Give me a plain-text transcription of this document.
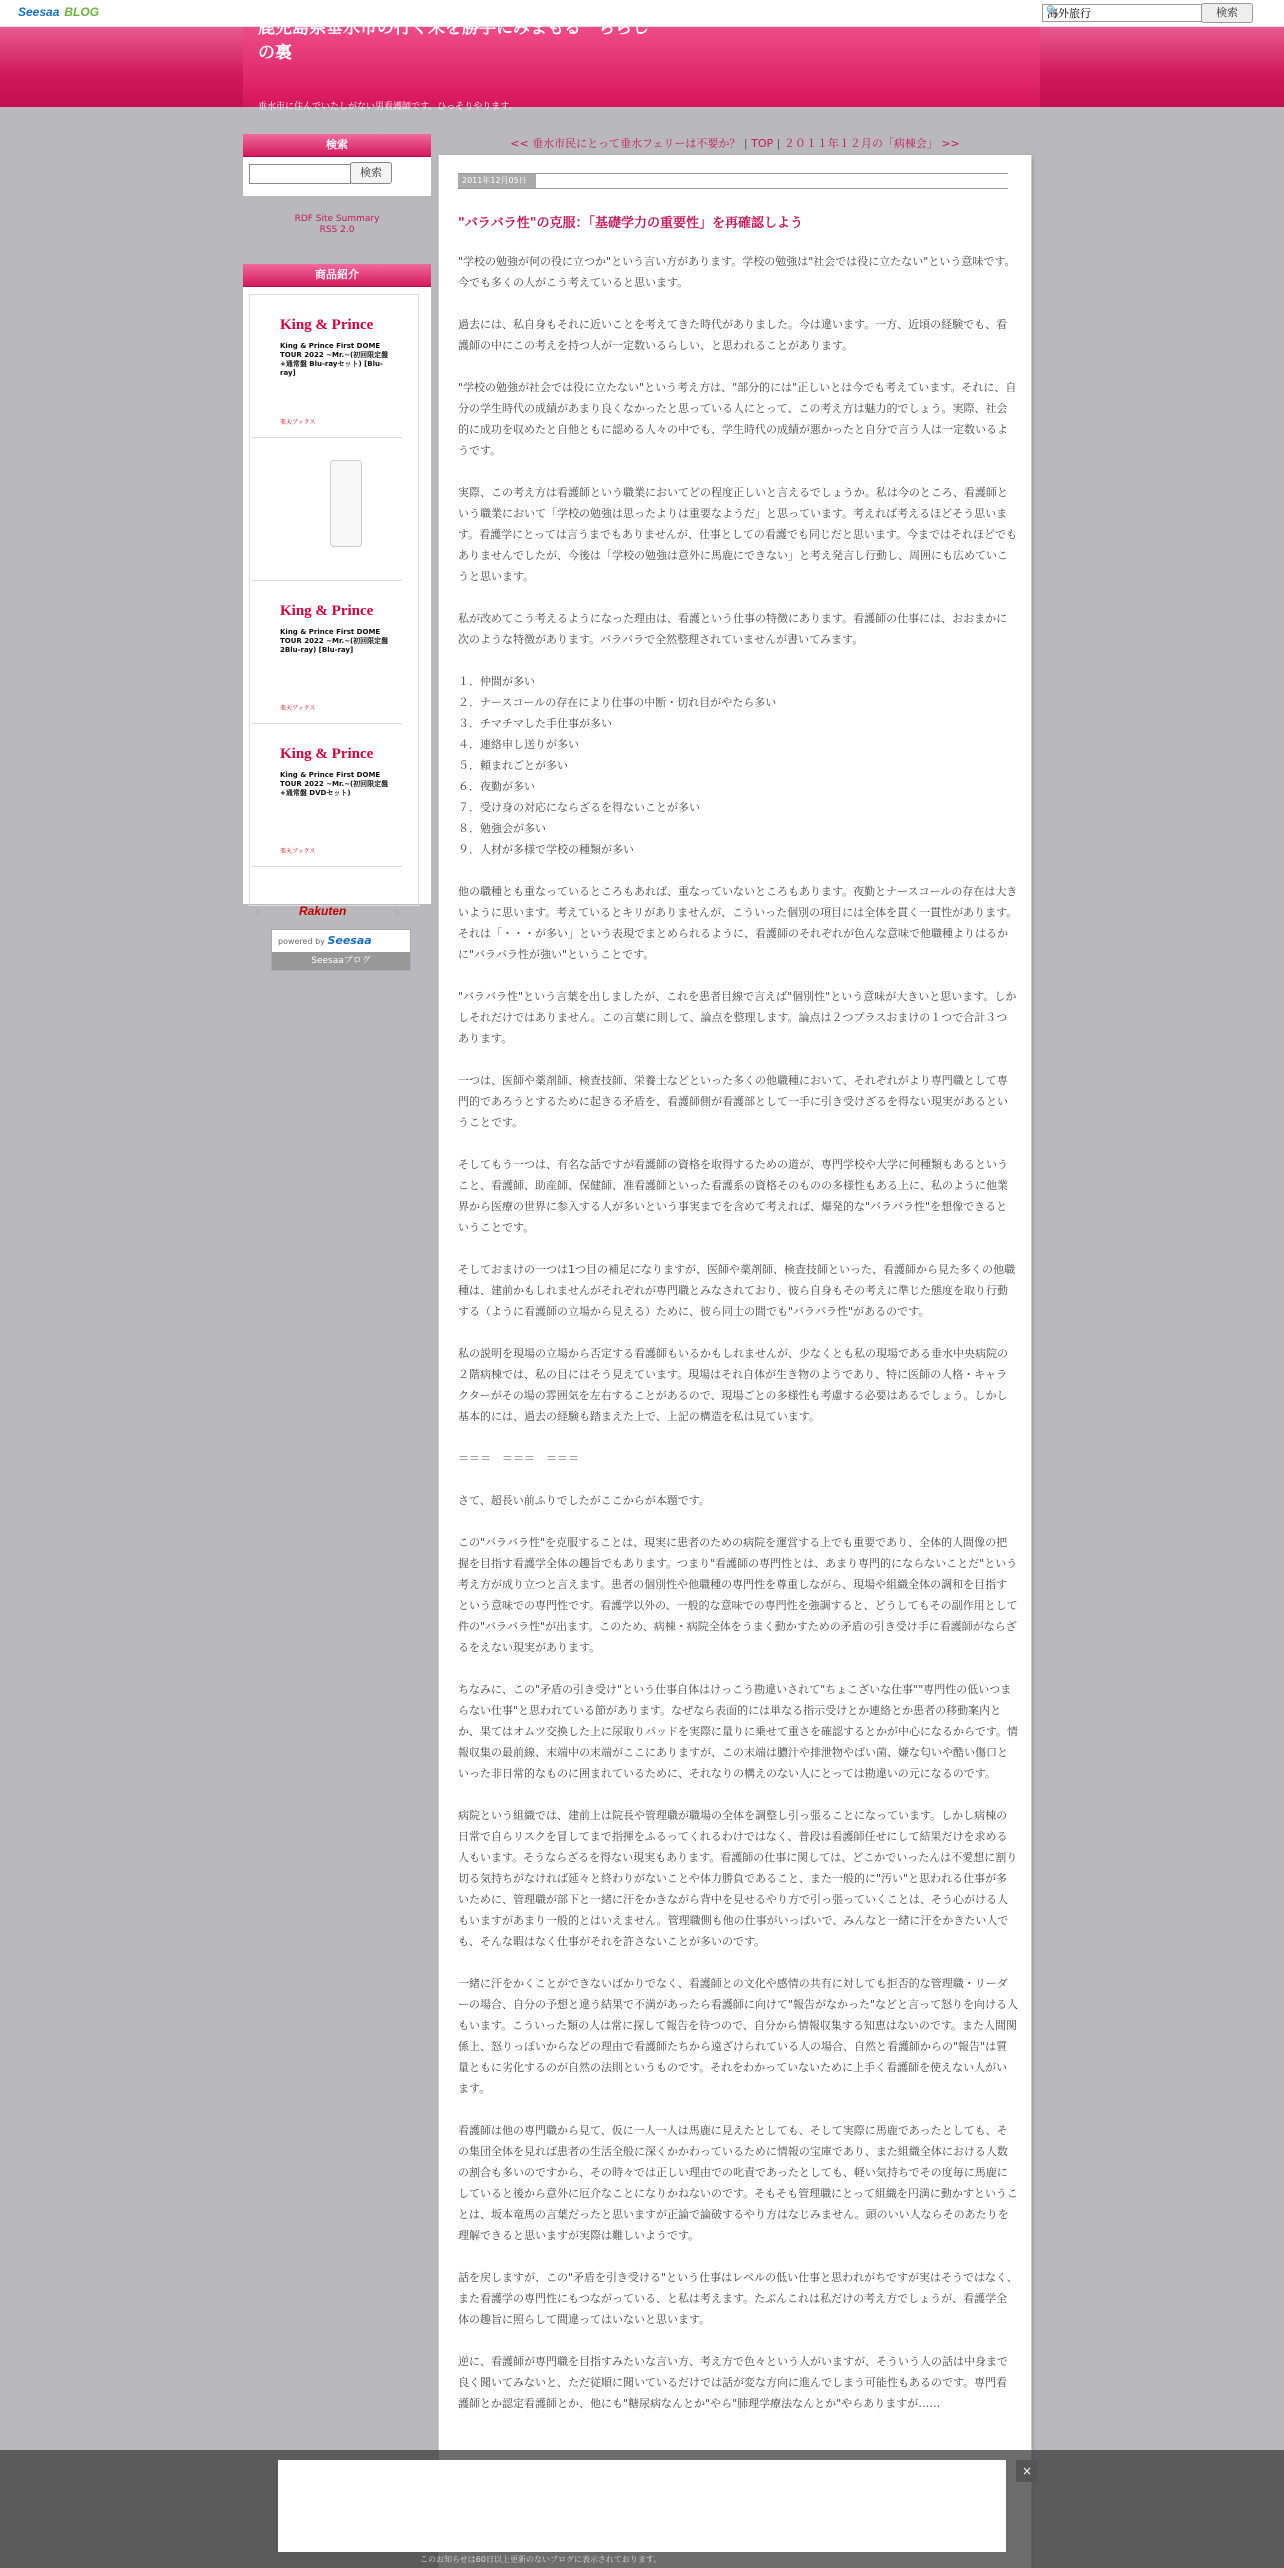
Seesaa BLOG
海外旅行	🔍	検索
鹿児島県垂水市の行く末を勝手にみまもる　ちらしの裏
垂水市に住んでいたしがない男看護師です。ひっそりやります。
検索
検索
RDF Site Summary
RSS 2.0
商品紹介
King & Prince
King & Prince First DOME TOUR 2022 ~Mr.~(初回限定盤+通常盤 Blu-rayセット) [Blu-ray]
楽天ブックス
King & Prince
King & Prince First DOME TOUR 2022 ~Mr.~(初回限定盤 2Blu-ray) [Blu-ray]
楽天ブックス
King & Prince
King & Prince First DOME TOUR 2022 ~Mr.~(初回限定盤+通常盤 DVDセット)
楽天ブックス
‹	Rakuten	›
powered by Seesaa
Seesaaブログ
<< 垂水市民にとって垂水フェリーは不要か？ | TOP | ２０１１年１２月の「病棟会」 >>
2011年12月05日
"バラバラ性"の克服：「基礎学力の重要性」を再確認しよう

"学校の勉強が何の役に立つか"という言い方があります。学校の勉強は"社会では役に立たない"という意味です。今でも多くの人がこう考えていると思います。

過去には、私自身もそれに近いことを考えてきた時代がありました。今は違います。一方、近頃の経験でも、看護師の中にこの考えを持つ人が一定数いるらしい、と思われることがあります。

"学校の勉強が社会では役に立たない"という考え方は、"部分的には"正しいとは今でも考えています。それに、自分の学生時代の成績があまり良くなかったと思っている人にとって、この考え方は魅力的でしょう。実際、社会的に成功を収めたと自他ともに認める人々の中でも、学生時代の成績が悪かったと自分で言う人は一定数いるようです。

実際、この考え方は看護師という職業においてどの程度正しいと言えるでしょうか。私は今のところ、看護師という職業において「学校の勉強は思ったよりは重要なようだ」と思っています。考えれば考えるほどそう思います。看護学にとっては言うまでもありませんが、仕事としての看護でも同じだと思います。今まではそれほどでもありませんでしたが、今後は「学校の勉強は意外に馬鹿にできない」と考え発言し行動し、周囲にも広めていこうと思います。

私が改めてこう考えるようになった理由は、看護という仕事の特徴にあります。看護師の仕事には、おおまかに次のような特徴があります。バラバラで全然整理されていませんが書いてみます。

１．仲間が多い
２．ナースコールの存在により仕事の中断・切れ目がやたら多い
３．チマチマした手仕事が多い
４．連絡申し送りが多い
５．頼まれごとが多い
６．夜勤が多い
７．受け身の対応にならざるを得ないことが多い
８．勉強会が多い
９．人材が多様で学校の種類が多い

他の職種とも重なっているところもあれば、重なっていないところもあります。夜勤とナースコールの存在は大きいように思います。考えているとキリがありませんが、こういった個別の項目には全体を貫く一貫性があります。それは「・・・が多い」という表現でまとめられるように、看護師のそれぞれが色んな意味で他職種よりはるかに"バラバラ性が強い"ということです。

"バラバラ性"という言葉を出しましたが、これを患者目線で言えば"個別性"という意味が大きいと思います。しかしそれだけではありません。この言葉に則して、論点を整理します。論点は２つプラスおまけの１つで合計３つあります。

一つは、医師や薬剤師、検査技師、栄養士などといった多くの他職種において、それぞれがより専門職として専門的であろうとするために起きる矛盾を、看護師側が看護部として一手に引き受けざるを得ない現実があるということです。

そしてもう一つは、有名な話ですが看護師の資格を取得するための道が、専門学校や大学に何種類もあるということ、看護師、助産師、保健師、准看護師といった看護系の資格そのものの多様性もある上に、私のように他業界から医療の世界に参入する人が多いという事実までを含めて考えれば、爆発的な"バラバラ性"を想像できるということです。

そしておまけの一つは1つ目の補足になりますが、医師や薬剤師、検査技師といった、看護師から見た多くの他職種は、建前かもしれませんがそれぞれが専門職とみなされており、彼ら自身もその考えに準じた態度を取り行動する（ように看護師の立場から見える）ために、彼ら同士の間でも"バラバラ性"があるのです。

私の説明を現場の立場から否定する看護師もいるかもしれませんが、少なくとも私の現場である垂水中央病院の２階病棟では、私の目にはそう見えています。現場はそれ自体が生き物のようであり、特に医師の人格・キャラクターがその場の雰囲気を左右することがあるので、現場ごとの多様性も考慮する必要はあるでしょう。しかし基本的には、過去の経験も踏まえた上で、上記の構造を私は見ています。

＝＝＝　＝＝＝　＝＝＝

さて、超長い前ふりでしたがここからが本題です。

この"バラバラ性"を克服することは、現実に患者のための病院を運営する上でも重要であり、全体的人間像の把握を目指す看護学全体の趣旨でもあります。つまり"看護師の専門性とは、あまり専門的にならないことだ"という考え方が成り立つと言えます。患者の個別性や他職種の専門性を尊重しながら、現場や組織全体の調和を目指すという意味での専門性です。看護学以外の、一般的な意味での専門性を強調すると、どうしてもその副作用として件の"バラバラ性"が出ます。このため、病棟・病院全体をうまく動かすための矛盾の引き受け手に看護師がならざるをえない現実があります。

ちなみに、この"矛盾の引き受け"という仕事自体はけっこう勘違いされて"ちょこざいな仕事""専門性の低いつまらない仕事"と思われている節があります。なぜなら表面的には単なる指示受けとか連絡とか患者の移動案内とか、果てはオムツ交換した上に尿取りパッドを実際に量りに乗せて重さを確認するとかが中心になるからです。情報収集の最前線、末端中の末端がここにありますが、この末端は膿汁や排泄物やばい菌、嫌な匂いや酷い傷口といった非日常的なものに囲まれているために、それなりの構えのない人にとっては勘違いの元になるのです。

病院という組織では、建前上は院長や管理職が職場の全体を調整し引っ張ることになっています。しかし病棟の日常で自らリスクを冒してまで指揮をふるってくれるわけではなく、普段は看護師任せにして結果だけを求める人もいます。そうならざるを得ない現実もあります。看護師の仕事に関しては、どこかでいったんは不愛想に割り切る気持ちがなければ延々と終わりがないことや体力勝負であること、また一般的に"汚い"と思われる仕事が多いために、管理職が部下と一緒に汗をかきながら背中を見せるやり方で引っ張っていくことは、そう心がける人もいますがあまり一般的とはいえません。管理職側も他の仕事がいっぱいで、みんなと一緒に汗をかきたい人でも、そんな暇はなく仕事がそれを許さないことが多いのです。

一緒に汗をかくことができないばかりでなく、看護師との文化や感情の共有に対しても拒否的な管理職・リーダーの場合、自分の予想と違う結果で不満があったら看護師に向けて"報告がなかった"などと言って怒りを向ける人もいます。こういった類の人は常に探して報告を待つので、自分から情報収集する知恵はないのです。また人間関係上、怒りっぽいからなどの理由で看護師たちから遠ざけられている人の場合、自然と看護師からの"報告"は質量ともに劣化するのが自然の法則というものです。それをわかっていないために上手く看護師を使えない人がいます。

看護師は他の専門職から見て、仮に一人一人は馬鹿に見えたとしても、そして実際に馬鹿であったとしても、その集団全体を見れば患者の生活全般に深くかかわっているために情報の宝庫であり、また組織全体における人数の割合も多いのですから、その時々では正しい理由での叱責であったとしても、軽い気持ちでその度毎に馬鹿にしていると後から意外に厄介なことになりかねないのです。そもそも管理職にとって組織を円満に動かすということは、坂本竜馬の言葉だったと思いますが正論で論破するやり方はなじみません。頭のいい人ならそのあたりを理解できると思いますが実際は難しいようです。

話を戻しますが、この"矛盾を引き受ける"という仕事はレベルの低い仕事と思われがちですが実はそうではなく、また看護学の専門性にもつながっている、と私は考えます。たぶんこれは私だけの考え方でしょうが、看護学全体の趣旨に照らして間違ってはいないと思います。

逆に、看護師が専門職を目指すみたいな言い方、考え方で色々という人がいますが、そういう人の話は中身まで良く聞いてみないと、ただ従順に聞いているだけでは話が変な方向に進んでしまう可能性もあるのです。専門看護師とか認定看護師とか、他にも"糖尿病なんとか"やら"肺理学療法なんとか"やらありますが……

×
このお知らせは60日以上更新のないブログに表示されております。
